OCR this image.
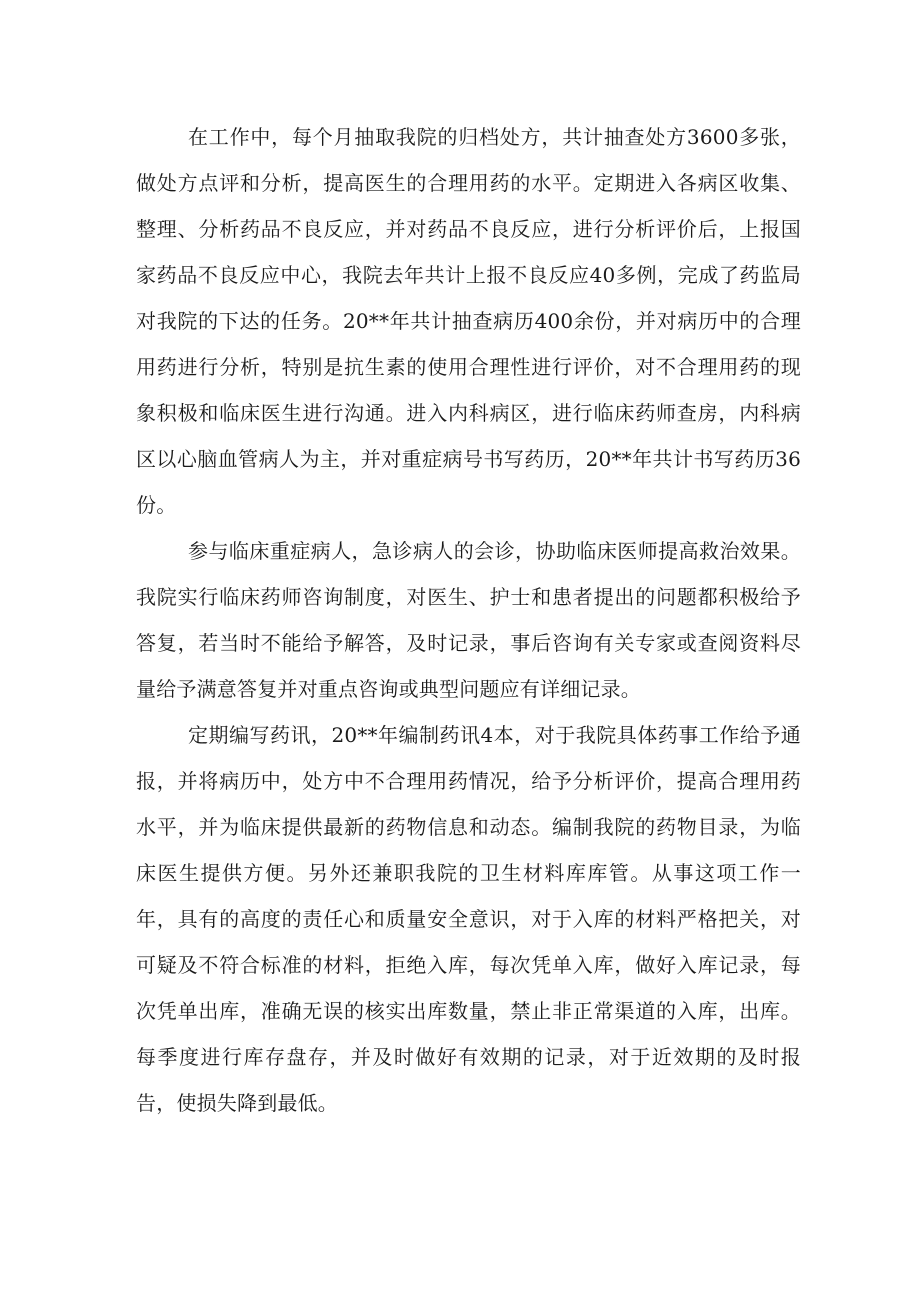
在工作中，每个月抽取我院的归档处方，共计抽查处方3600多张，做处方点评和分析，提高医生的合理用药的水平。定期进入各病区收集、整理、分析药品不良反应，并对药品不良反应，进行分析评价后，上报国家药品不良反应中心，我院去年共计上报不良反应40多例，完成了药监局对我院的下达的任务。20**年共计抽查病历400余份，并对病历中的合理用药进行分析，特别是抗生素的使用合理性进行评价，对不合理用药的现象积极和临床医生进行沟通。进入内科病区，进行临床药师查房，内科病区以心脑血管病人为主，并对重症病号书写药历，20**年共计书写药历36份。

参与临床重症病人，急诊病人的会诊，协助临床医师提高救治效果。我院实行临床药师咨询制度，对医生、护士和患者提出的问题都积极给予答复，若当时不能给予解答，及时记录，事后咨询有关专家或查阅资料尽量给予满意答复并对重点咨询或典型问题应有详细记录。

定期编写药讯，20**年编制药讯4本，对于我院具体药事工作给予通报，并将病历中，处方中不合理用药情况，给予分析评价，提高合理用药水平，并为临床提供最新的药物信息和动态。编制我院的药物目录，为临床医生提供方便。另外还兼职我院的卫生材料库库管。从事这项工作一年，具有的高度的责任心和质量安全意识，对于入库的材料严格把关，对可疑及不符合标准的材料，拒绝入库，每次凭单入库，做好入库记录，每次凭单出库，准确无误的核实出库数量，禁止非正常渠道的入库，出库。每季度进行库存盘存，并及时做好有效期的记录，对于近效期的及时报告，使损失降到最低。
